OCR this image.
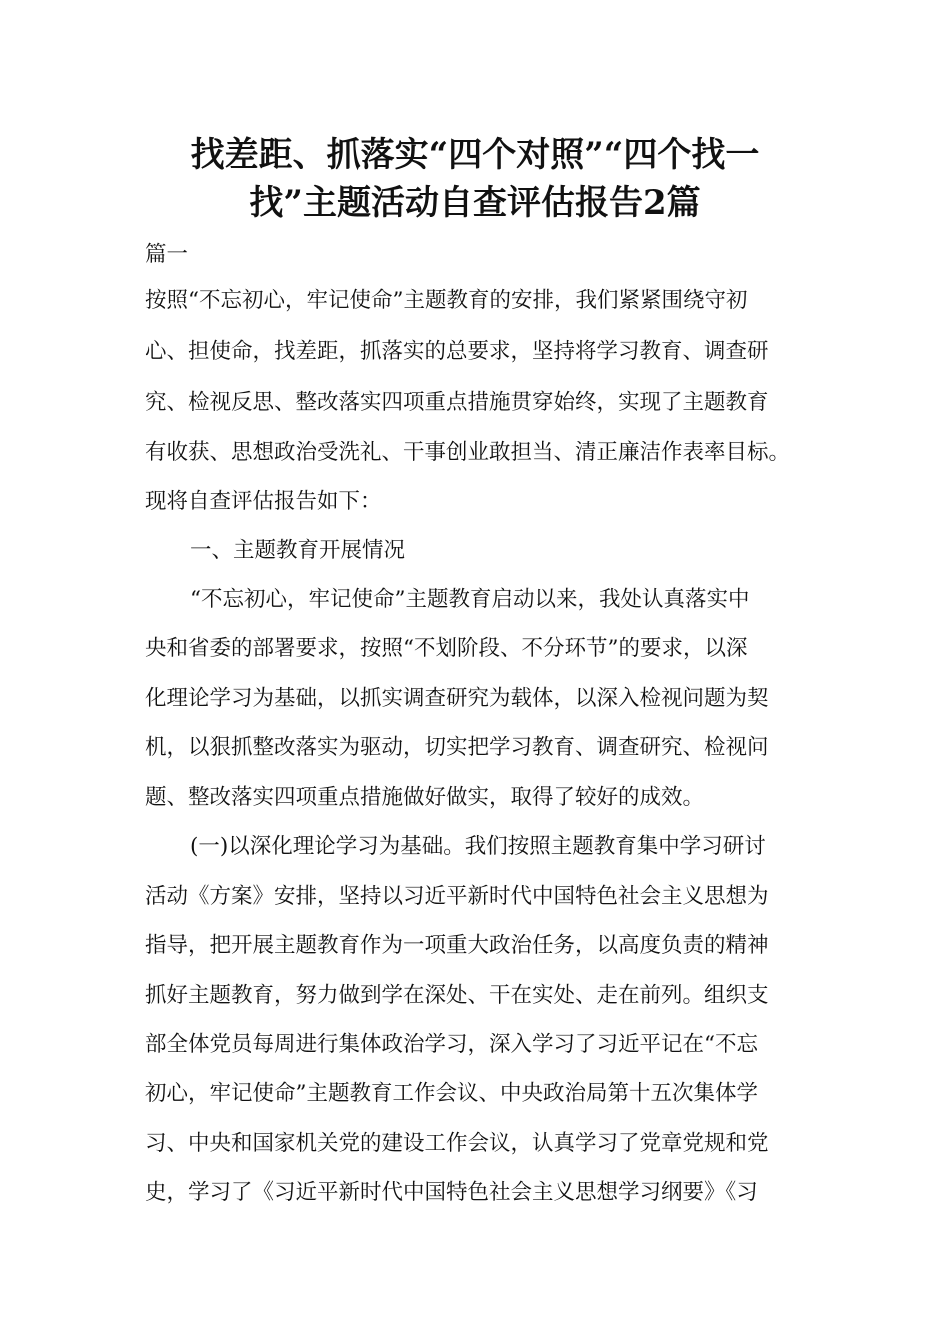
找差距、抓落实“四个对照”“四个找一
找”主题活动自查评估报告2篇
篇一
按照“不忘初心，牢记使命”主题教育的安排，我们紧紧围绕守初
心、担使命，找差距，抓落实的总要求，坚持将学习教育、调查研
究、检视反思、整改落实四项重点措施贯穿始终，实现了主题教育
有收获、思想政治受洗礼、干事创业敢担当、清正廉洁作表率目标。
现将自查评估报告如下：
一、主题教育开展情况
“不忘初心，牢记使命”主题教育启动以来，我处认真落实中
央和省委的部署要求，按照“不划阶段、不分环节”的要求，以深
化理论学习为基础，以抓实调查研究为载体，以深入检视问题为契
机，以狠抓整改落实为驱动，切实把学习教育、调查研究、检视问
题、整改落实四项重点措施做好做实，取得了较好的成效。
(一)以深化理论学习为基础。我们按照主题教育集中学习研讨
活动《方案》安排，坚持以习近平新时代中国特色社会主义思想为
指导，把开展主题教育作为一项重大政治任务，以高度负责的精神
抓好主题教育，努力做到学在深处、干在实处、走在前列。组织支
部全体党员每周进行集体政治学习，深入学习了习近平记在“不忘
初心，牢记使命”主题教育工作会议、中央政治局第十五次集体学
习、中央和国家机关党的建设工作会议，认真学习了党章党规和党
史，学习了《习近平新时代中国特色社会主义思想学习纲要》《习
